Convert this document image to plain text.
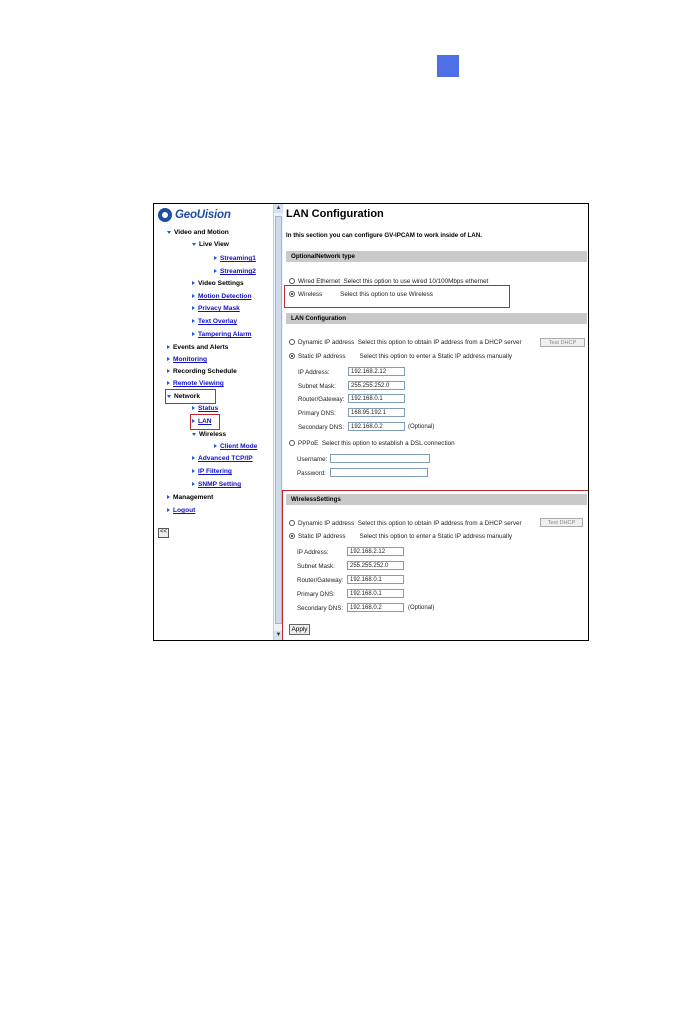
GeoUision
Video and Motion
Live View
Streaming1
Streaming2
Video Settings
Motion Detection
Privacy Mask
Text Overlay
Tampering Alarm
Events and Alerts
Monitoring
Recording Schedule
Remote Viewing
Network
Status
LAN
Wireless
Client Mode
Advanced TCP/IP
IP Filtering
SNMP Setting
Management
Logout
<<
▲
▼
LAN Configuration
In this section you can configure GV-IPCAM to work inside of LAN.
OptionalNetwork type
Wired Ethernet Select this option to use wired 10/100Mbps ethernet
Wireless	Select this option to use Wireless
LAN Configuration
Dynamic IP address Select this option to obtain IP address from a DHCP server	Test DHCP
Static IP address Select this option to enter a Static IP address manually
IP Address:	192.168.2.12
Subnet Mask:	255.255.252.0
Router/Gateway:	192.168.0.1
Primary DNS:	168.95.192.1
Secondary DNS:	192.168.0.2	(Optional)
PPPoE Select this option to establish a DSL connection
Username:
Password:
WirelessSettings
Dynamic IP address Select this option to obtain IP address from a DHCP server	Test DHCP
Static IP address Select this option to enter a Static IP address manually
IP Address:	192.168.2.12
Subnet Mask:	255.255.252.0
Router/Gateway:	192.168.0.1
Primary DNS:	192.168.0.1
Secondary DNS:	192.168.0.2	(Optional)
Apply
